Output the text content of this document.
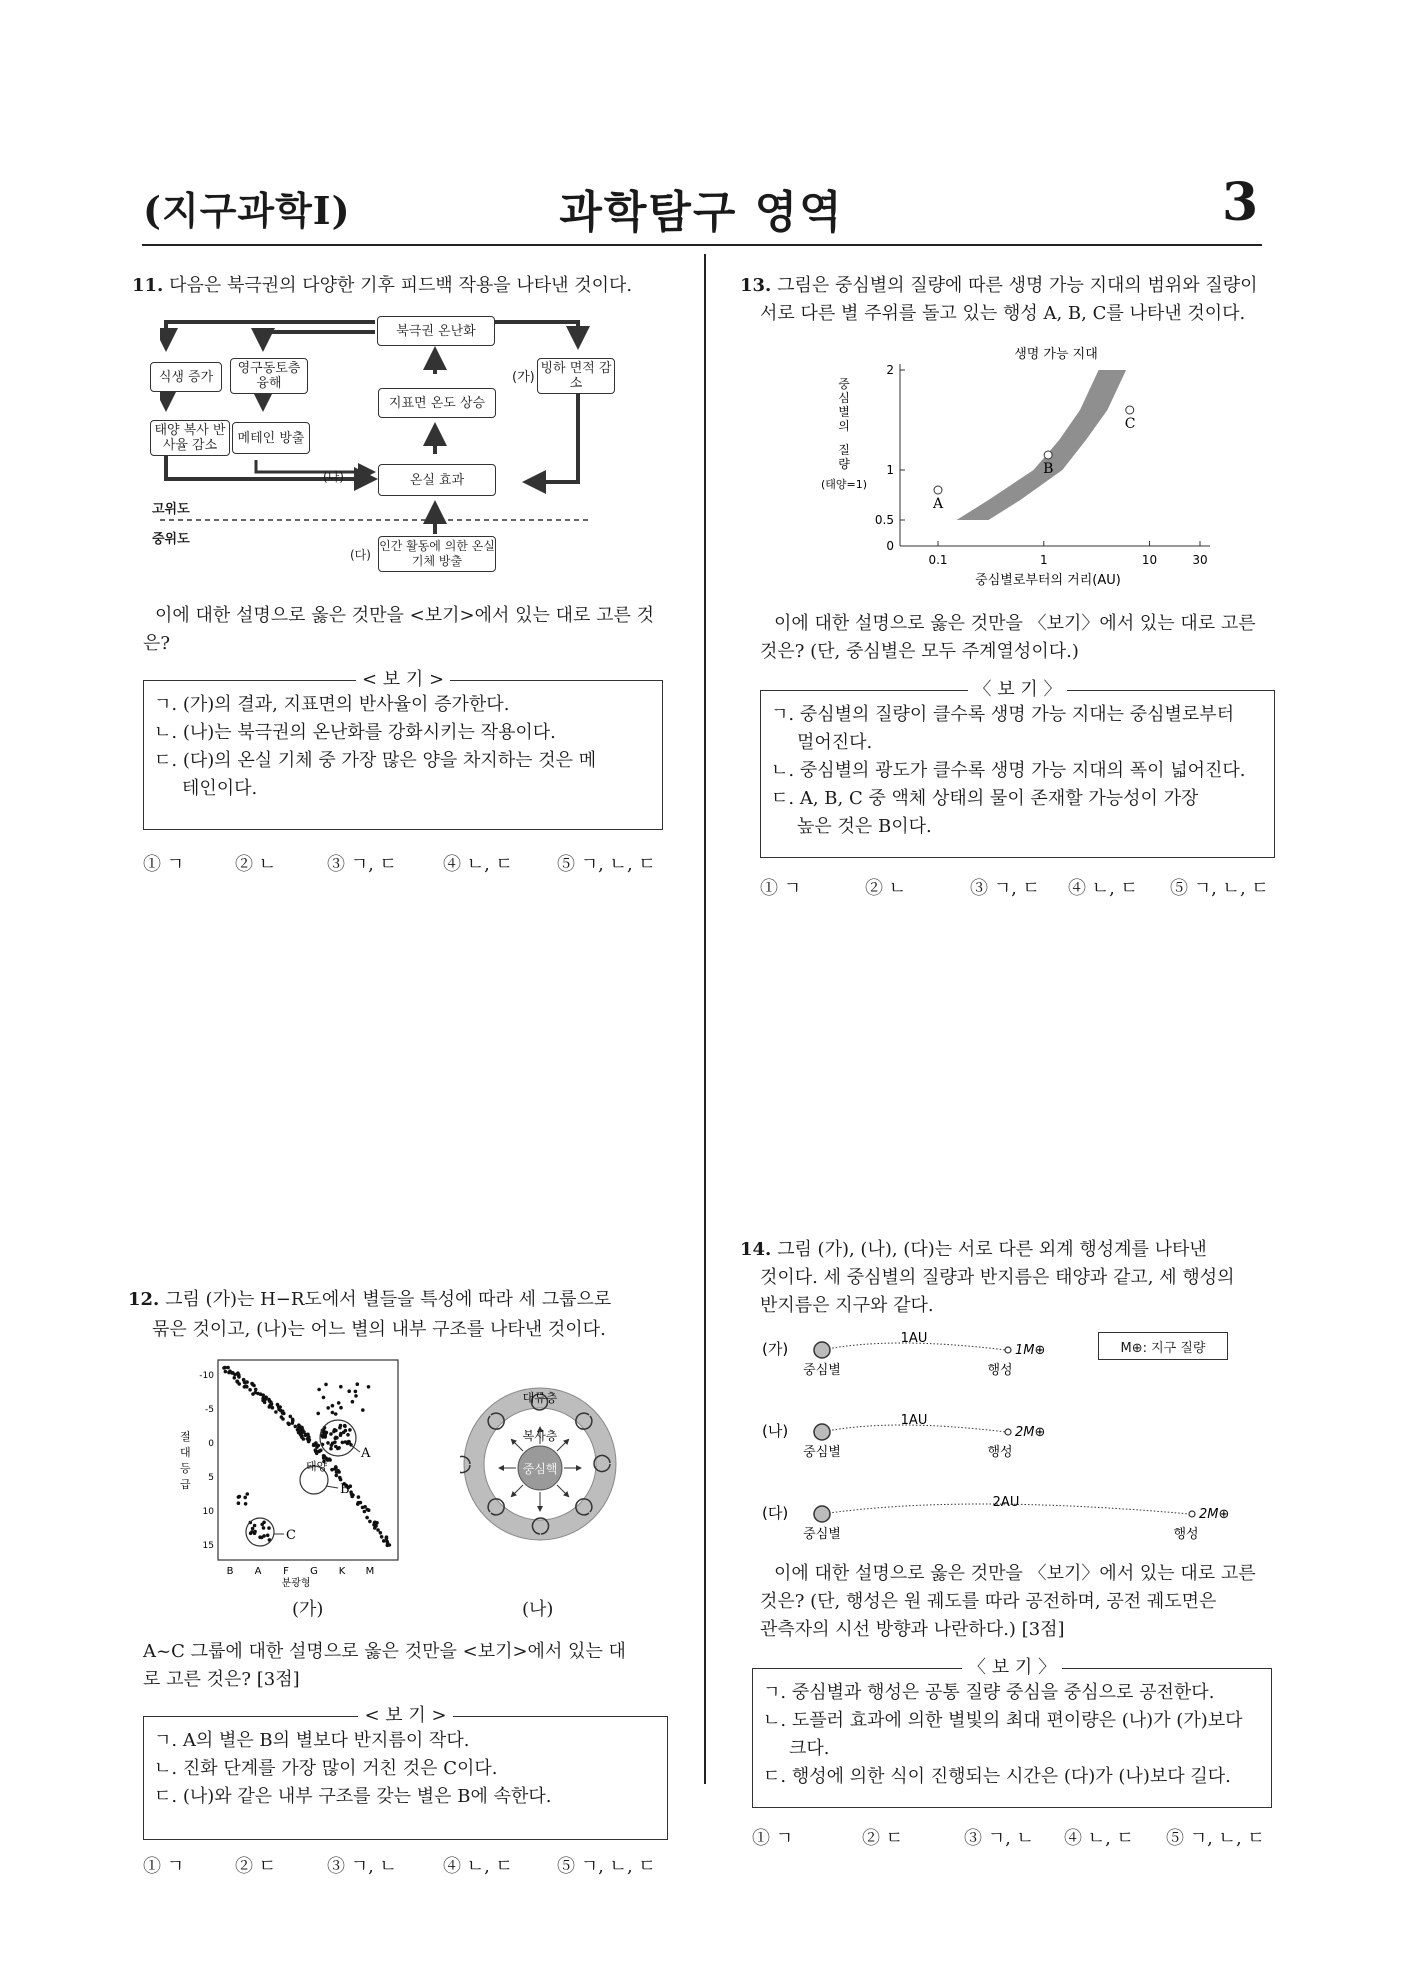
(지구과학Ⅰ)	과학탐구 영역	3
11. 다음은 북극권의 다양한 기후 피드백 작용을 나타낸 것이다.
북극권 온난화
식생 증가
영구동토층 융해
지표면 온도 상승
(가)
빙하 면적 감소
태양 복사 반사율 감소	메테인 방출
(나)	온실 효과
고위도
중위도
(다)
인간 활동에 의한 온실 기체 방출
이에 대한 설명으로 옳은 것만을 <보기>에서 있는 대로 고른 것은?
< 보 기 >
ㄱ. (가)의 결과, 지표면의 반사율이 증가한다.
ㄴ. (나)는 북극권의 온난화를 강화시키는 작용이다.
ㄷ. (다)의 온실 기체 중 가장 많은 양을 차지하는 것은 메
테인이다.
① ㄱ	② ㄴ	③ ㄱ, ㄷ	④ ㄴ, ㄷ ⑤ ㄱ, ㄴ, ㄷ
12. 그림 (가)는 H−R도에서 별들을 특성에 따라 세 그룹으로
묶은 것이고, (나)는 어느 별의 내부 구조를 나타낸 것이다.
A
B
C
태양
-10
-5
0
5
10
15
B A F G K M
분광형
절
대
등
급
(가)
대류층
복사층
중심핵
(나)
A~C 그룹에 대한 설명으로 옳은 것만을 <보기>에서 있는 대
로 고른 것은? [3점]
< 보 기 >
ㄱ. A의 별은 B의 별보다 반지름이 작다.
ㄴ. 진화 단계를 가장 많이 거친 것은 C이다.
ㄷ. (나)와 같은 내부 구조를 갖는 별은 B에 속한다.
① ㄱ	② ㄷ	③ ㄱ, ㄴ	④ ㄴ, ㄷ ⑤ ㄱ, ㄴ, ㄷ
13. 그림은 중심별의 질량에 따른 생명 가능 지대의 범위와 질량이
서로 다른 별 주위를 돌고 있는 행성 A, B, C를 나타낸 것이다.
A
B
C
0
0.5
1
2
0.1	1	10	30
생명 가능 지대
중심별로부터의 거리(AU)
중
심
별
의
질
량
(태양=1)
이에 대한 설명으로 옳은 것만을 〈보기〉에서 있는 대로 고른
것은? (단, 중심별은 모두 주계열성이다.)
〈 보 기 〉
ㄱ. 중심별의 질량이 클수록 생명 가능 지대는 중심별로부터
멀어진다.
ㄴ. 중심별의 광도가 클수록 생명 가능 지대의 폭이 넓어진다.
ㄷ. A, B, C 중 액체 상태의 물이 존재할 가능성이 가장
높은 것은 B이다.
① ㄱ	② ㄴ	③ ㄱ, ㄷ ④ ㄴ, ㄷ ⑤ ㄱ, ㄴ, ㄷ
14. 그림 (가), (나), (다)는 서로 다른 외계 행성계를 나타낸
것이다. 세 중심별의 질량과 반지름은 태양과 같고, 세 행성의
반지름은 지구와 같다.
M⊕: 지구 질량
(가)
(나)
(다)
1AU
1AU
2AU
1M⊕
2M⊕
2M⊕
중심별	행성
중심별	행성
중심별	행성
이에 대한 설명으로 옳은 것만을 〈보기〉에서 있는 대로 고른
것은? (단, 행성은 원 궤도를 따라 공전하며, 공전 궤도면은
관측자의 시선 방향과 나란하다.) [3점]
〈 보 기 〉
ㄱ. 중심별과 행성은 공통 질량 중심을 중심으로 공전한다.
ㄴ. 도플러 효과에 의한 별빛의 최대 편이량은 (나)가 (가)보다
크다.
ㄷ. 행성에 의한 식이 진행되는 시간은 (다)가 (나)보다 길다.
① ㄱ	② ㄷ	③ ㄱ, ㄴ ④ ㄴ, ㄷ ⑤ ㄱ, ㄴ, ㄷ
